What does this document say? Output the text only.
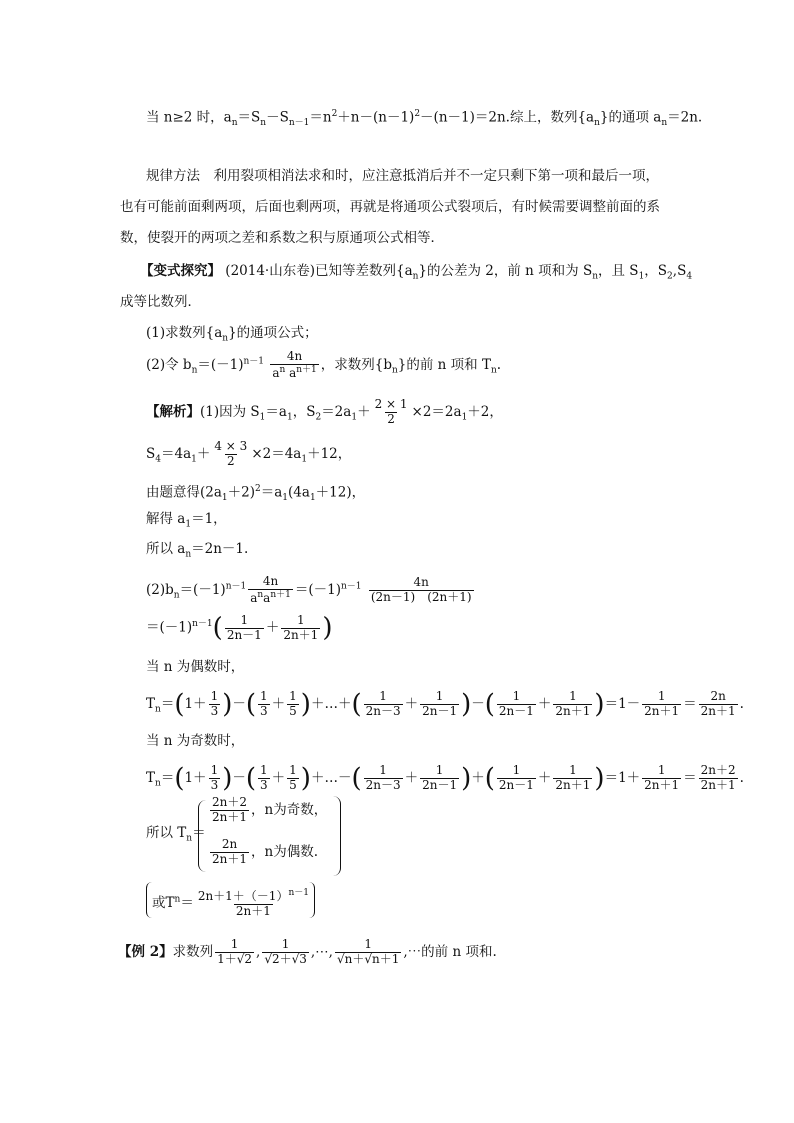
当 n≥2 时，$a_n=S_n-S_{n-1}=n^2+n-(n-1)^2-(n-1)=2n$.综上，数列$\{a_n\}$的通项 $a_n=2n$.
规律方法　利用裂项相消法求和时，应注意抵消后并不一定只剩下第一项和最后一项，
也有可能前面剩两项，后面也剩两项，再就是将通项公式裂项后，有时候需要调整前面的系
数，使裂开的两项之差和系数之积与原通项公式相等．
【变式探究】 (2014·山东卷)已知等差数列$\{a_n\}$的公差为 2，前 n 项和为 $S_n$，且 $S_1$，$S_2,S_4$
成等比数列．
(1)求数列$\{a_n\}$的通项公式；
(2)令 $b_n=(-1)^{n-1} \frac{4n}{a^n a^{n+1}}$ ，求数列$\{b_n\}$的前 n 项和 $T_n$.
【解析】(1)因为 $S_1=a_1$，$S_2=2a_1+ \frac{2 \times 1}{2} \times 2=2a_1+2$，
$S_4=4a_1+ \frac{4 \times 3}{2} \times 2=4a_1+12$，
由题意得$(2a_1+2)^2=a_1(4a_1+12)$，
解得 $a_1=1$，
所以 $a_n=2n-1$.
$(2)b_n=(-1)^{n-1} \frac{4n}{a^na^{n+1}} =(-1)^{n-1} \frac{4n}{(2n-1) (2n+1)}$
$=(-1)^{n-1}( \frac{1}{2n-1} + \frac{1}{2n+1}$ )
当 n 为偶数时，
$T_n=(1+ \frac{1}{3}$ )－( $\frac{1}{3} + \frac{1}{5}$ )＋…＋( $\frac{1}{2n-3} + \frac{1}{2n-1}$ )－( $\frac{1}{2n-1} + \frac{1}{2n+1} )=1- \frac{1}{2n+1} = \frac{2n}{2n+1}$ .
当 n 为奇数时，
$T_n=(1+ \frac{1}{3}$ )－( $\frac{1}{3} + \frac{1}{5}$ )＋…－( $\frac{1}{2n-3} + \frac{1}{2n-1}$ )＋( $\frac{1}{2n-1} + \frac{1}{2n+1} )=1+ \frac{1}{2n+1} = \frac{2n+2}{2n+1}$ .
所以 $T_n=$
$\frac{2n+2}{2n+1}$ ，n为奇数，
$\frac{2n}{2n+1}$ ，n为偶数.
或$T^n= \frac{2n+1+(-1)^{n-1}}{2n+1}$
【例 2】求数列 $\frac{1}{1+√2}$ , $\frac{1}{√2+√3}$ ,⋯, $\frac{1}{√n+√n+1}$ ,⋯的前 n 项和.
